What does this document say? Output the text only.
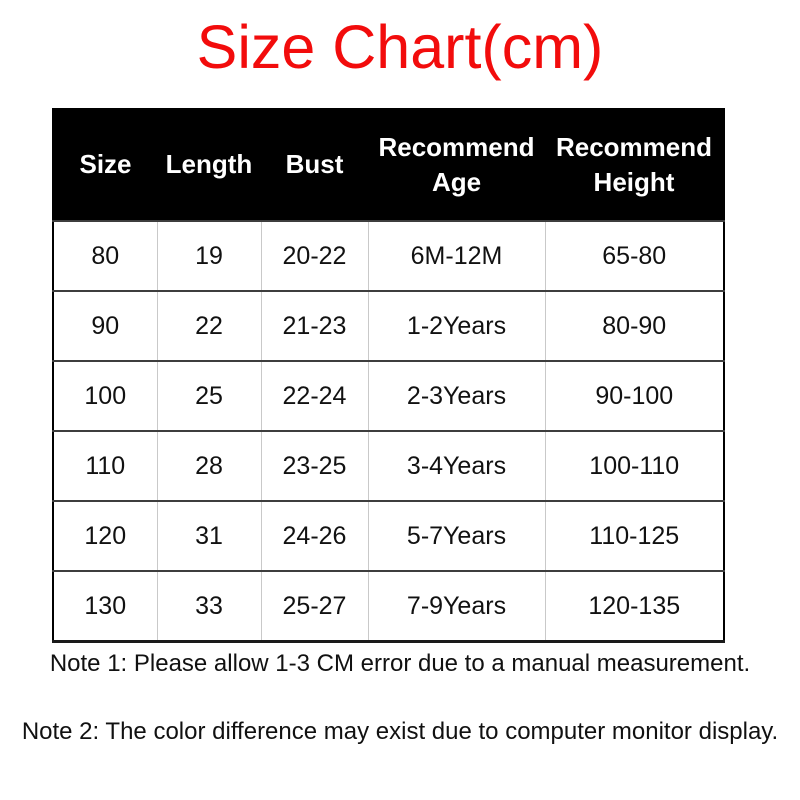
Size Chart(cm)
Size	Length	Bust	Recommend Age	Recommend Height
80	19	20-22	6M-12M	65-80
90	22	21-23	1-2Years	80-90
100	25	22-24	2-3Years	90-100
110	28	23-25	3-4Years	100-110
120	31	24-26	5-7Years	110-125
130	33	25-27	7-9Years	120-135
Note 1: Please allow 1-3 CM error due to a manual measurement.
Note 2: The color difference may exist due to computer monitor display.
